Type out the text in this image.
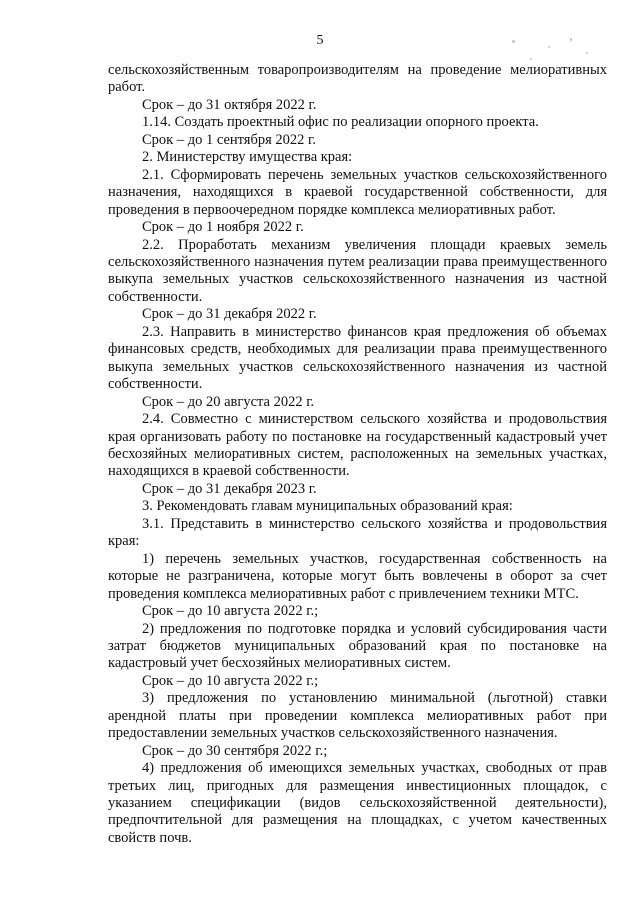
5

сельскохозяйственным товаропроизводителям на проведение мелиоративных работ.

Срок – до 31 октября 2022 г.

1.14. Создать проектный офис по реализации опорного проекта.

Срок – до 1 сентября 2022 г.

2. Министерству имущества края:

2.1. Сформировать перечень земельных участков сельскохозяйственного назначения, находящихся в краевой государственной собственности, для проведения в первоочередном порядке комплекса мелиоративных работ.

Срок – до 1 ноября 2022 г.

2.2. Проработать механизм увеличения площади краевых земель сельскохозяйственного назначения путем реализации права преимущественного выкупа земельных участков сельскохозяйственного назначения из частной собственности.

Срок – до 31 декабря 2022 г.

2.3. Направить в министерство финансов края предложения об объемах финансовых средств, необходимых для реализации права преимущественного выкупа земельных участков сельскохозяйственного назначения из частной собственности.

Срок – до 20 августа 2022 г.

2.4. Совместно с министерством сельского хозяйства и продовольствия края организовать работу по постановке на государственный кадастровый учет бесхозяйных мелиоративных систем, расположенных на земельных участках, находящихся в краевой собственности.

Срок – до 31 декабря 2023 г.

3. Рекомендовать главам муниципальных образований края:

3.1. Представить в министерство сельского хозяйства и продовольствия края:

1) перечень земельных участков, государственная собственность на которые не разграничена, которые могут быть вовлечены в оборот за счет проведения комплекса мелиоративных работ с привлечением техники МТС.

Срок – до 10 августа 2022 г.;

2) предложения по подготовке порядка и условий субсидирования части затрат бюджетов муниципальных образований края по постановке на кадастровый учет бесхозяйных мелиоративных систем.

Срок – до 10 августа 2022 г.;

3) предложения по установлению минимальной (льготной) ставки арендной платы при проведении комплекса мелиоративных работ при предоставлении земельных участков сельскохозяйственного назначения.

Срок – до 30 сентября 2022 г.;

4) предложения об имеющихся земельных участках, свободных от прав третьих лиц, пригодных для размещения инвестиционных площадок, с указанием спецификации (видов сельскохозяйственной деятельности), предпочтительной для размещения на площадках, с учетом качественных свойств почв.
